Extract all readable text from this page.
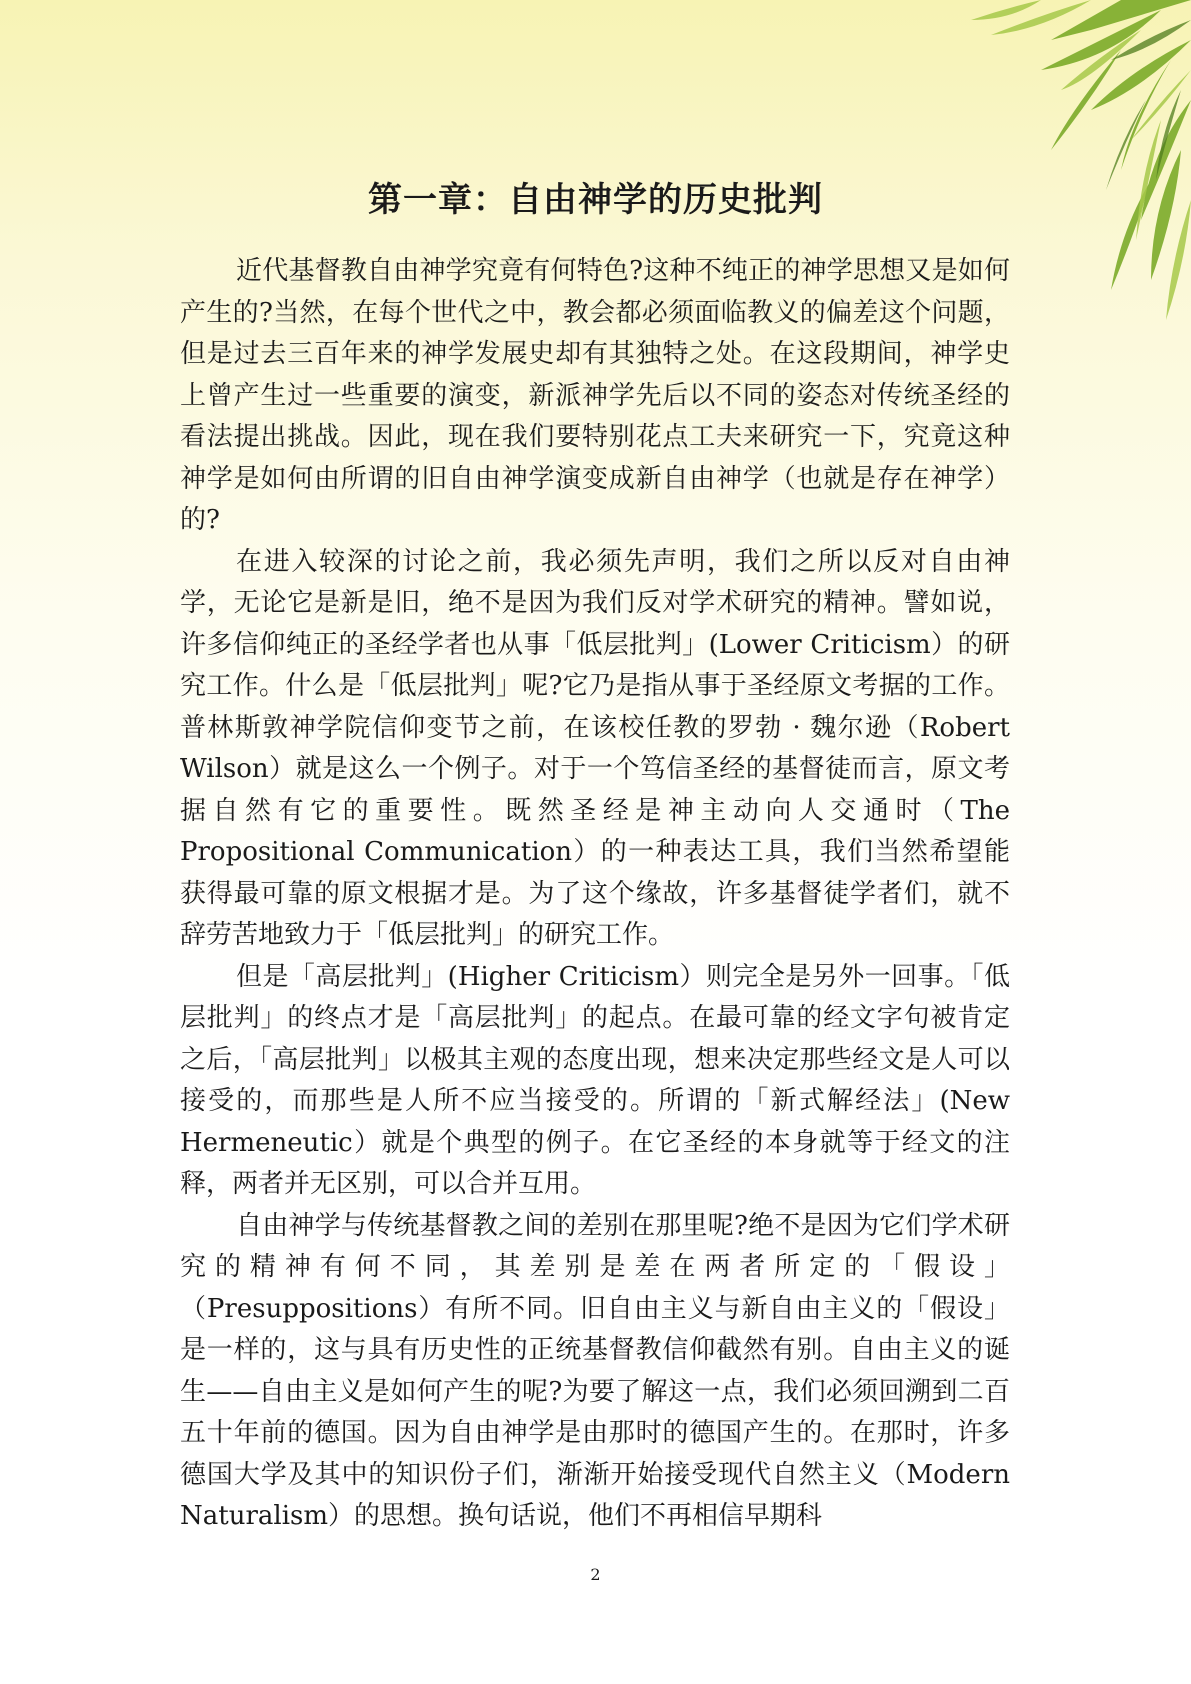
第一章：自由神学的历史批判

近代基督教自由神学究竟有何特色?这种不纯正的神学思想又是如何产生的?当然，在每个世代之中，教会都必须面临教义的偏差这个问题，但是过去三百年来的神学发展史却有其独特之处。在这段期间，神学史上曾产生过一些重要的演变，新派神学先后以不同的姿态对传统圣经的看法提出挑战。因此，现在我们要特别花点工夫来研究一下，究竟这种神学是如何由所谓的旧自由神学演变成新自由神学（也就是存在神学）的?

在进入较深的讨论之前，我必须先声明，我们之所以反对自由神学，无论它是新是旧，绝不是因为我们反对学术研究的精神。譬如说，许多信仰纯正的圣经学者也从事「低层批判」(Lower Criticism）的研究工作。什么是「低层批判」呢?它乃是指从事于圣经原文考据的工作。普林斯敦神学院信仰变节之前，在该校任教的罗勃 · 魏尔逊（Robert Wilson）就是这么一个例子。对于一个笃信圣经的基督徒而言，原文考据自然有它的重要性。既然圣经是神主动向人交通时（The Propositional Communication）的一种表达工具，我们当然希望能获得最可靠的原文根据才是。为了这个缘故，许多基督徒学者们，就不辞劳苦地致力于「低层批判」的研究工作。

但是「高层批判」(Higher Criticism）则完全是另外一回事。「低层批判」的终点才是「高层批判」的起点。在最可靠的经文字句被肯定之后，「高层批判」以极其主观的态度出现，想来决定那些经文是人可以接受的，而那些是人所不应当接受的。所谓的「新式解经法」(New Hermeneutic）就是个典型的例子。在它圣经的本身就等于经文的注释，两者并无区别，可以合并互用。

自由神学与传统基督教之间的差别在那里呢?绝不是因为它们学术研究的精神有何不同，其差别是差在两者所定的「假设」（Presuppositions）有所不同。旧自由主义与新自由主义的「假设」是一样的，这与具有历史性的正统基督教信仰截然有别。自由主义的诞生——自由主义是如何产生的呢?为要了解这一点，我们必须回溯到二百五十年前的德国。因为自由神学是由那时的德国产生的。在那时，许多德国大学及其中的知识份子们，渐渐开始接受现代自然主义（Modern Naturalism）的思想。换句话说，他们不再相信早期科

2
